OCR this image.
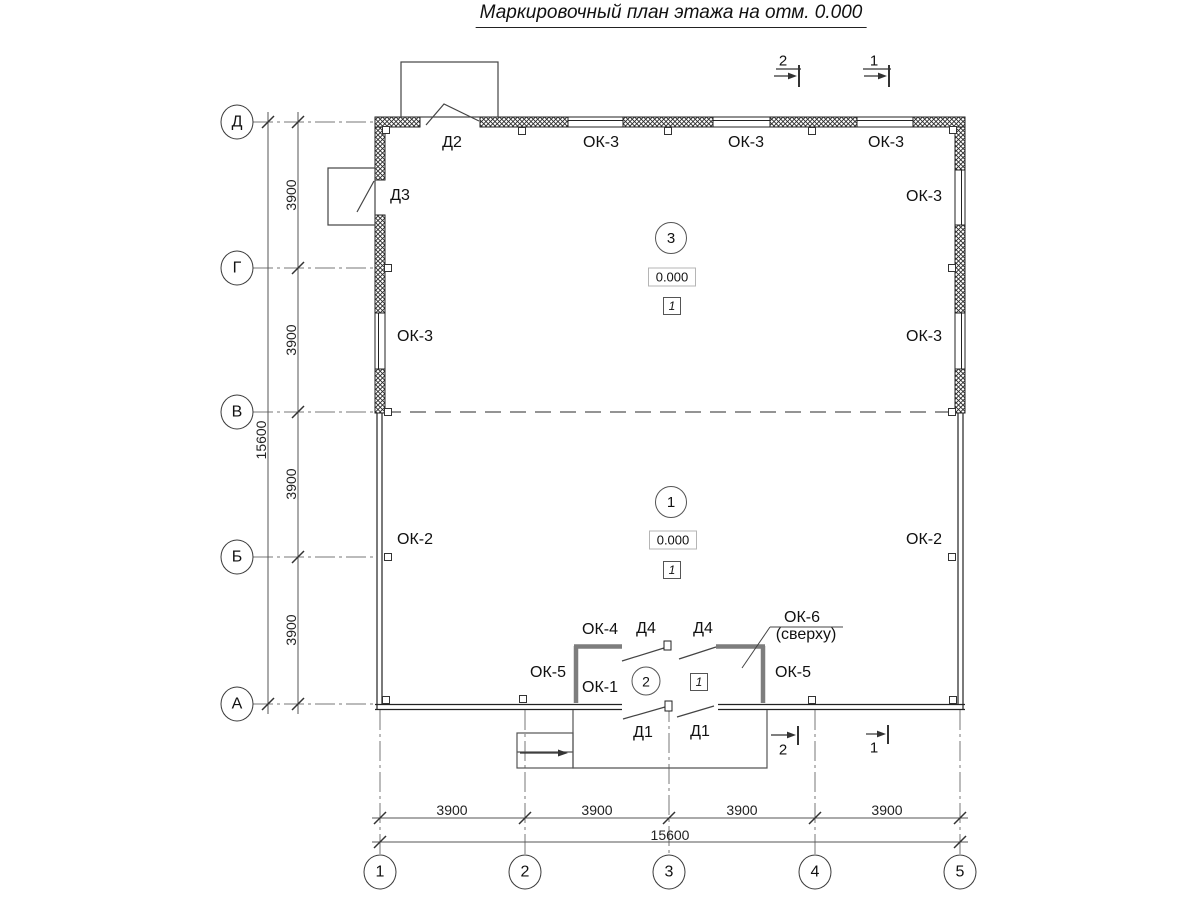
Маркировочный план этажа на отм. 0.000
Д
Г
В
Б
А
1	2	3	4	5
3900	3900	3900	3900
15600
3900
3900
3900
3900
15600
2	1
2	1
Д2
Д3
ОК-3	ОК-3	ОК-3
ОК-3
ОК-3	ОК-3
ОК-2	ОК-2
ОК-4 Д4 Д4
ОК-6
(сверху)
ОК-5	ОК-5
ОК-1
Д1 Д1
3
0.000
1
1
0.000
1
2	1
